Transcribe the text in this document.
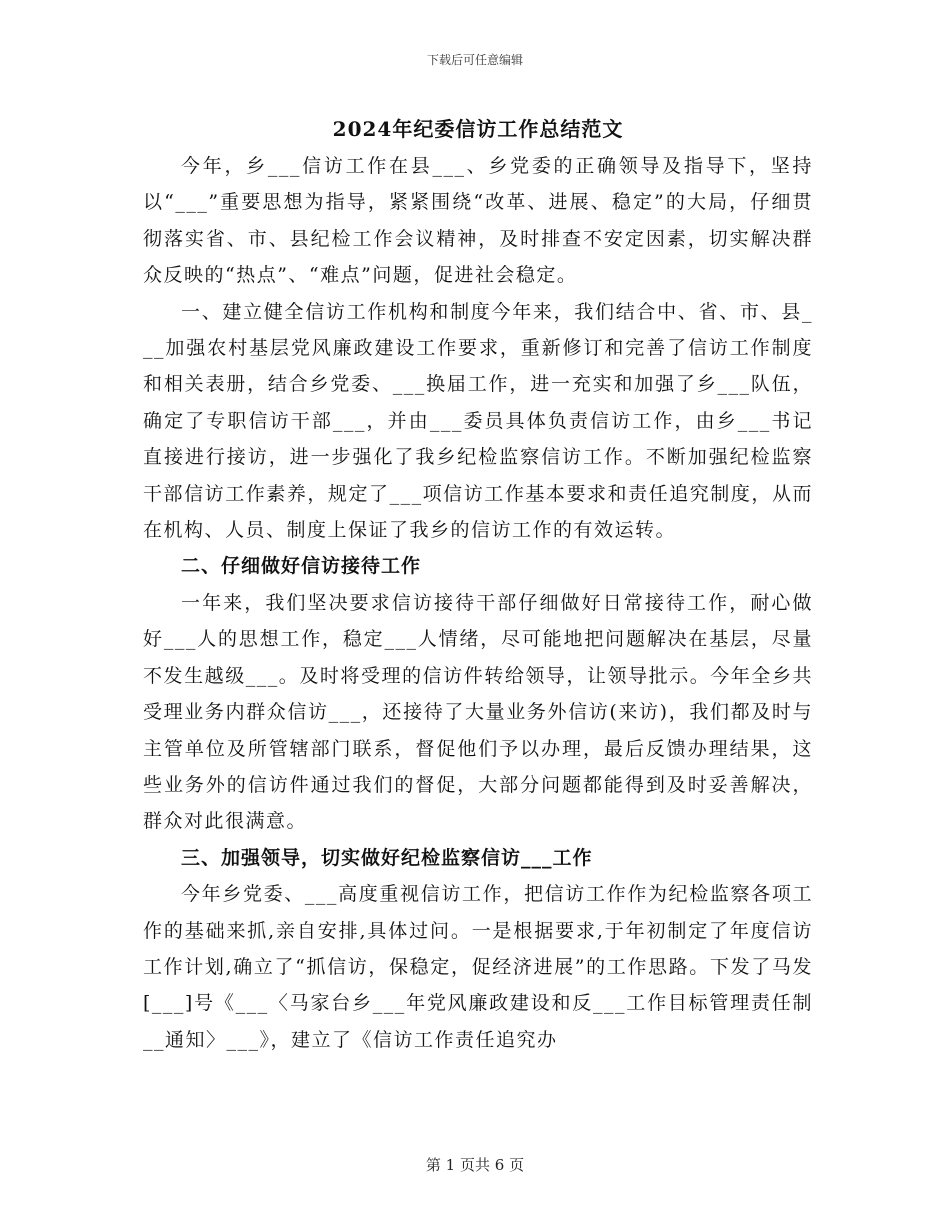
下载后可任意编辑
2024年纪委信访工作总结范文

今年，乡___信访工作在县___、乡党委的正确领导及指导下，坚持以“___”重要思想为指导，紧紧围绕“改革、进展、稳定”的大局，仔细贯彻落实省、市、县纪检工作会议精神，及时排查不安定因素，切实解决群众反映的“热点”、“难点”问题，促进社会稳定。

一、建立健全信访工作机构和制度今年来，我们结合中、省、市、县___加强农村基层党风廉政建设工作要求，重新修订和完善了信访工作制度和相关表册，结合乡党委、___换届工作，进一充实和加强了乡___队伍，确定了专职信访干部___，并由___委员具体负责信访工作，由乡___书记直接进行接访，进一步强化了我乡纪检监察信访工作。不断加强纪检监察干部信访工作素养，规定了___项信访工作基本要求和责任追究制度，从而在机构、人员、制度上保证了我乡的信访工作的有效运转。

二、仔细做好信访接待工作

一年来，我们坚决要求信访接待干部仔细做好日常接待工作，耐心做好___人的思想工作，稳定___人情绪，尽可能地把问题解决在基层，尽量不发生越级___。及时将受理的信访件转给领导，让领导批示。今年全乡共受理业务内群众信访___，还接待了大量业务外信访(来访)，我们都及时与主管单位及所管辖部门联系，督促他们予以办理，最后反馈办理结果，这些业务外的信访件通过我们的督促，大部分问题都能得到及时妥善解决，群众对此很满意。

三、加强领导，切实做好纪检监察信访___工作

今年乡党委、___高度重视信访工作，把信访工作作为纪检监察各项工作的基础来抓,亲自安排,具体过问。一是根据要求,于年初制定了年度信访工作计划,确立了“抓信访，保稳定，促经济进展”的工作思路。下发了马发[___]号《___〈马家台乡___年党风廉政建设和反___工作目标管理责任制__通知〉___》，建立了《信访工作责任追究办

第 1 页共 6 页
